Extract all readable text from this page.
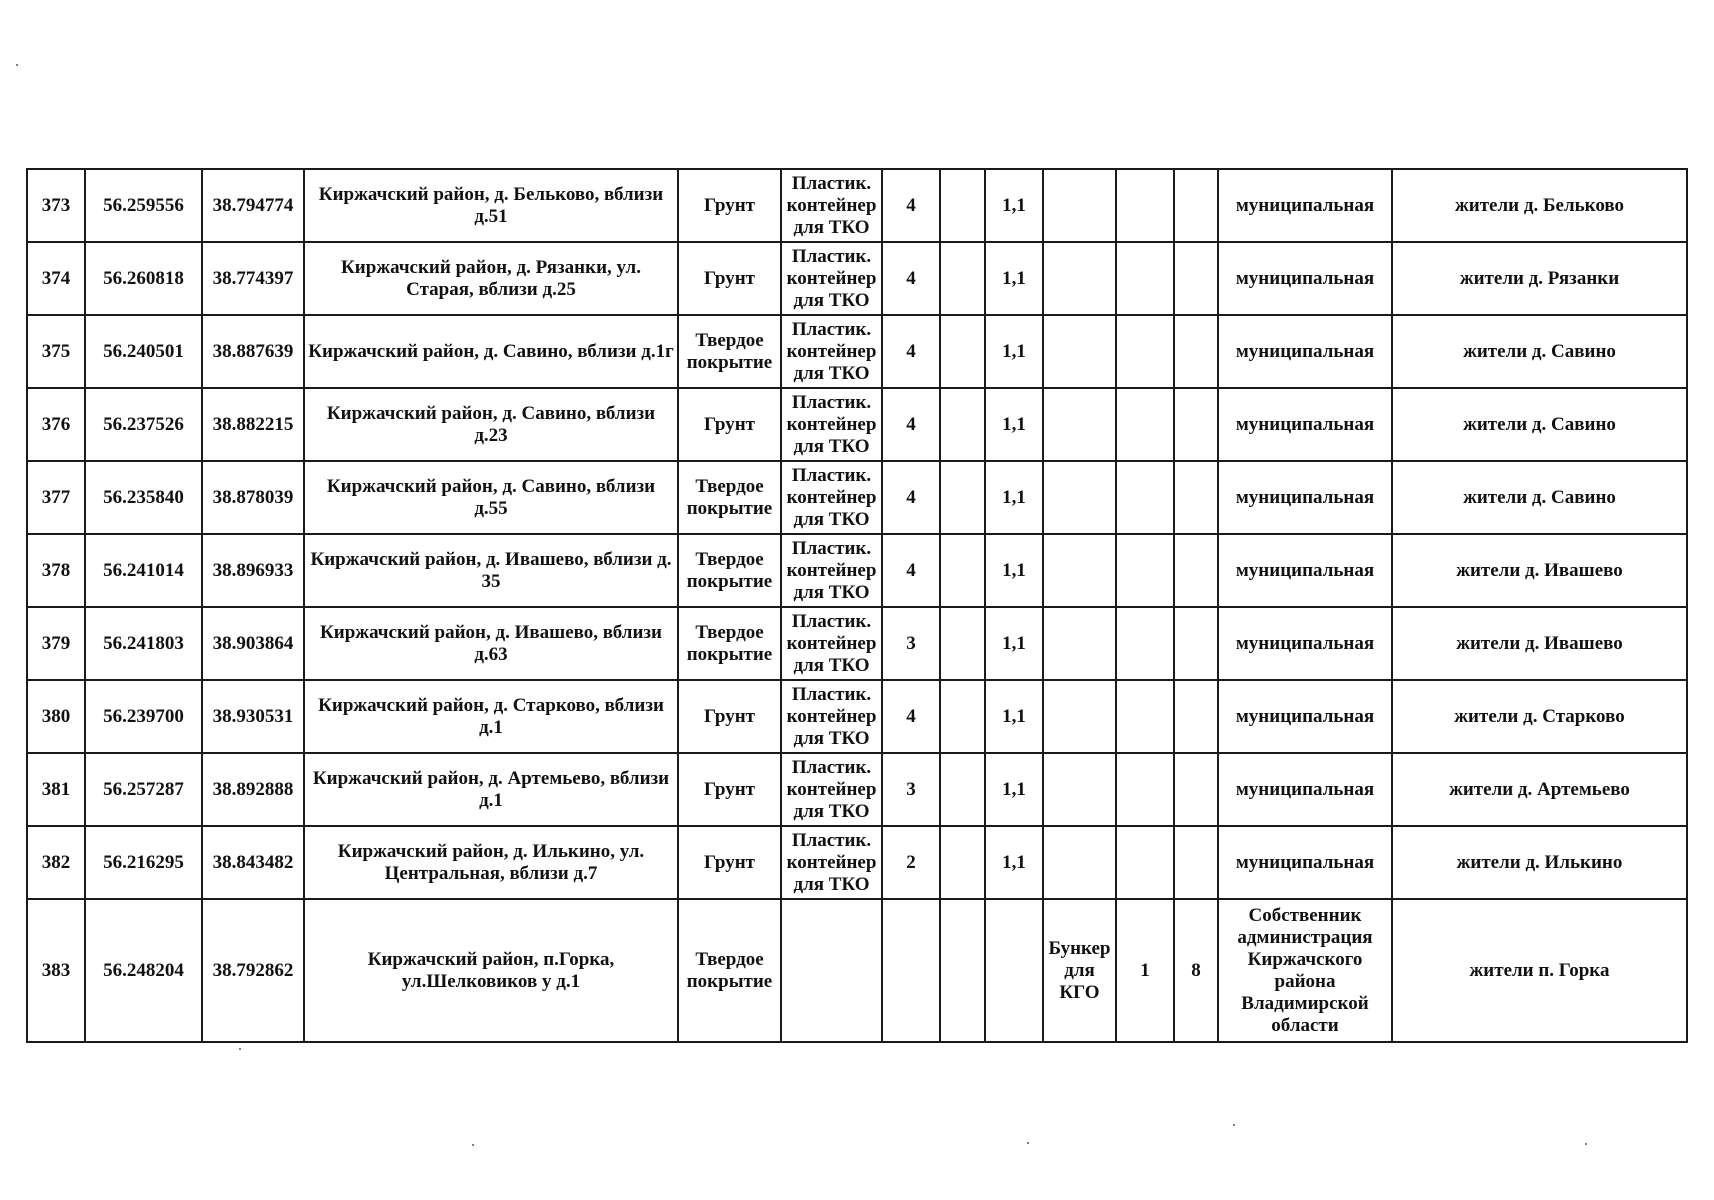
373	56.259556	38.794774	Киржачский район, д. Бельково, вблизи д.51	Грунт	Пластик. контейнер для ТКО	4		1,1				муниципальная	жители д. Бельково
374	56.260818	38.774397	Киржачский район, д. Рязанки, ул. Старая, вблизи д.25	Грунт	Пластик. контейнер для ТКО	4		1,1				муниципальная	жители д. Рязанки
375	56.240501	38.887639	Киржачский район, д. Савино, вблизи д.1г	Твердое покрытие	Пластик. контейнер для ТКО	4		1,1				муниципальная	жители д. Савино
376	56.237526	38.882215	Киржачский район, д. Савино, вблизи д.23	Грунт	Пластик. контейнер для ТКО	4		1,1				муниципальная	жители д. Савино
377	56.235840	38.878039	Киржачский район, д. Савино, вблизи д.55	Твердое покрытие	Пластик. контейнер для ТКО	4		1,1				муниципальная	жители д. Савино
378	56.241014	38.896933	Киржачский район, д. Ивашево, вблизи д. 35	Твердое покрытие	Пластик. контейнер для ТКО	4		1,1				муниципальная	жители д. Ивашево
379	56.241803	38.903864	Киржачский район, д. Ивашево, вблизи д.63	Твердое покрытие	Пластик. контейнер для ТКО	3		1,1				муниципальная	жители д. Ивашево
380	56.239700	38.930531	Киржачский район, д. Старково, вблизи д.1	Грунт	Пластик. контейнер для ТКО	4		1,1				муниципальная	жители д. Старково
381	56.257287	38.892888	Киржачский район, д. Артемьево, вблизи д.1	Грунт	Пластик. контейнер для ТКО	3		1,1				муниципальная	жители д. Артемьево
382	56.216295	38.843482	Киржачский район, д. Илькино, ул. Центральная, вблизи д.7	Грунт	Пластик. контейнер для ТКО	2		1,1				муниципальная	жители д. Илькино
383	56.248204	38.792862	Киржачский район, п.Горка, ул.Шелковиков у д.1	Твердое покрытие					Бункер для КГО	1	8	Собственник администрация Киржачского района Владимирской области	жители п. Горка
